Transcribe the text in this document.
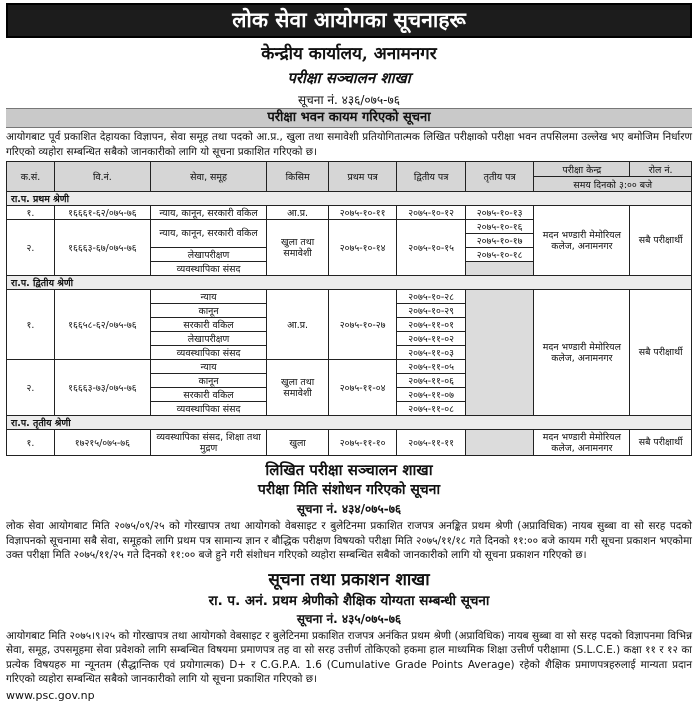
लोक सेवा आयोगका सूचनाहरू
केन्द्रीय कार्यालय, अनामनगर
परीक्षा सञ्चालन शाखा
सूचना नं. ४३६/०७५-७६
परीक्षा भवन कायम गरिएको सूचना

आयोगबाट पूर्व प्रकाशित देहायका विज्ञापन, सेवा समूह तथा पदको आ.प्र., खुला तथा समावेशी प्रतियोगितात्मक लिखित परीक्षाको परीक्षा भवन तपसिलमा उल्लेख भए बमोजिम निर्धारण गरिएको व्यहोरा सम्बन्धित सबैको जानकारीको लागि यो सूचना प्रकाशित गरिएको छ।

क.सं.	वि.नं.	सेवा, समूह	किसिम	प्रथम पत्र	द्वितीय पत्र	तृतीय पत्र	परीक्षा केन्द्र	रोल नं.
							समय दिनको ३:०० बजे	
रा.प. प्रथम श्रेणी								
१.	१६६६१-६२/०७५-७६	न्याय, कानून, सरकारी वकिल	आ.प्र.	२०७५-१०-११	२०७५-१०-१२	२०७५-१०-१३	मदन भण्डारी मेमोरियल कलेज, अनामनगर	सबै परीक्षार्थी
२.	१६६६३-६७/०७५-७६	न्याय, कानून, सरकारी वकिल	खुला तथा समावेशी	२०७५-१०-१४	२०७५-१०-१५	२०७५-१०-१६		
						२०७५-१०-१७		
		लेखापरीक्षण				२०७५-१०-१८		
		व्यवस्थापिका संसद						
रा.प. द्वितीय श्रेणी								
१.	१६६५८-६२/०७५-७६	न्याय	आ.प्र.	२०७५-१०-२७	२०७५-१०-२८		मदन भण्डारी मेमोरियल कलेज, अनामनगर	सबै परीक्षार्थी
		कानून			२०७५-१०-२९			
		सरकारी वकिल			२०७५-११-०१			
		लेखापरीक्षण			२०७५-११-०२			
		व्यवस्थापिका संसद			२०७५-११-०३			
२.	१६६६३-७३/०७५-७६	न्याय	खुला तथा समावेशी	२०७५-११-०४	२०७५-११-०५			
		कानून			२०७५-११-०६			
		सरकारी वकिल			२०७५-११-०७			
		व्यवस्थापिका संसद			२०७५-११-०८			
रा.प. तृतीय श्रेणी								
१.	१७२१५/०७५-७६	व्यवस्थापिका संसद, शिक्षा तथा मुद्रण	खुला	२०७५-११-१०	२०७५-११-११		मदन भण्डारी मेमोरियल कलेज, अनामनगर	सबै परीक्षार्थी
लिखित परीक्षा सञ्चालन शाखा
परीक्षा मिति संशोधन गरिएको सूचना
सूचना नं. ४३४/०७५-७६

लोक सेवा आयोगबाट मिति २०७५/०९/२५ को गोरखापत्र तथा आयोगको वेबसाइट र बुलेटिनमा प्रकाशित राजपत्र अनङ्कित प्रथम श्रेणी (अप्राविधिक) नायब सुब्बा वा सो सरह पदको विज्ञापनको सूचनामा सबै सेवा, समूहको लागि प्रथम पत्र सामान्य ज्ञान र बौद्धिक परीक्षण विषयको परीक्षा मिति २०७५/११/१८ गते दिनको ११:०० बजे कायम गरी सूचना प्रकाशन भएकोमा उक्त परीक्षा मिति २०७५/११/२५ गते दिनको ११:०० बजे हुने गरी संशोधन गरिएको व्यहोरा सम्बन्धित सबैको जानकारीको लागि यो सूचना प्रकाशन गरिएको छ।

सूचना तथा प्रकाशन शाखा
रा. प. अनं. प्रथम श्रेणीको शैक्षिक योग्यता सम्बन्धी सूचना
सूचना नं. ४३५/०७५-७६

आयोगबाट मिति २०७५।९।२५ को गोरखापत्र तथा आयोगको वेबसाइट र बुलेटिनमा प्रकाशित राजपत्र अनंकित प्रथम श्रेणी (अप्राविधिक) नायब सुब्बा वा सो सरह पदको विज्ञापनमा विभिन्न सेवा, समूह, उपसमूहमा सेवा प्रवेशको लागि सम्बन्धित विषयमा प्रमाणपत्र तह वा सो सरह उत्तीर्ण तोकिएको हकमा हाल माध्यमिक शिक्षा उत्तीर्ण परीक्षामा (S.L.C.E.) कक्षा ११ र १२ का प्रत्येक विषयहरु मा न्यूनतम (सैद्धान्तिक एवं प्रयोगात्मक) D+ र C.G.P.A. 1.6 (Cumulative Grade Points Average) रहेको शैक्षिक प्रमाणपत्रहरुलाई मान्यता प्रदान गरिएको व्यहोरा सम्बन्धित सबैको जानकारीको लागि यो सूचना प्रकाशित गरिएको छ।

www.psc.gov.np
